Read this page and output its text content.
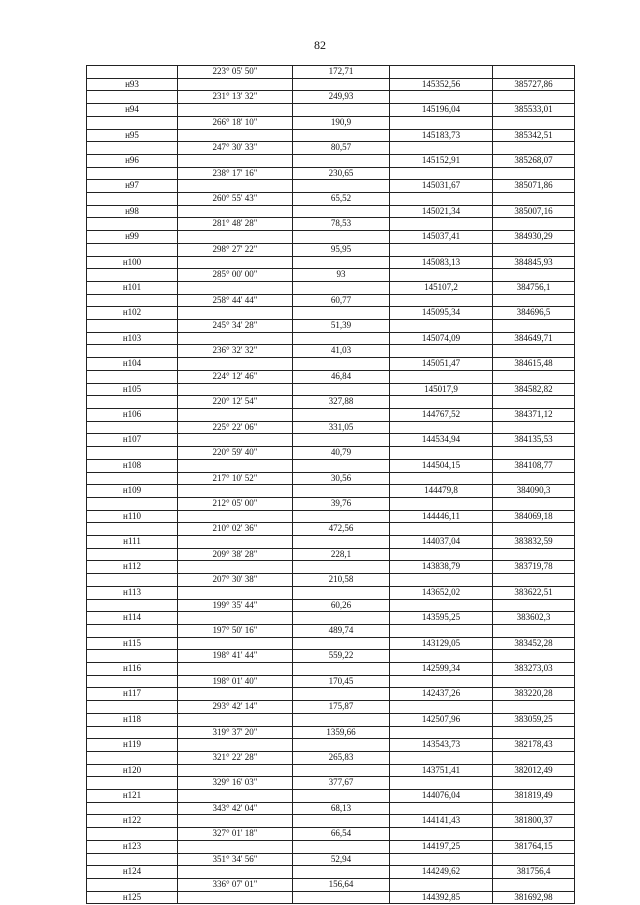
82
	223° 05' 50"	172,71		
н93			145352,56	385727,86
	231° 13' 32"	249,93		
н94			145196,04	385533,01
	266° 18' 10"	190,9		
н95			145183,73	385342,51
	247° 30' 33"	80,57		
н96			145152,91	385268,07
	238° 17' 16"	230,65		
н97			145031,67	385071,86
	260° 55' 43"	65,52		
н98			145021,34	385007,16
	281° 48' 28"	78,53		
н99			145037,41	384930,29
	298° 27' 22"	95,95		
н100			145083,13	384845,93
	285° 00' 00"	93		
н101			145107,2	384756,1
	258° 44' 44"	60,77		
н102			145095,34	384696,5
	245° 34' 28"	51,39		
н103			145074,09	384649,71
	236° 32' 32"	41,03		
н104			145051,47	384615,48
	224° 12' 46"	46,84		
н105			145017,9	384582,82
	220° 12' 54"	327,88		
н106			144767,52	384371,12
	225° 22' 06"	331,05		
н107			144534,94	384135,53
	220° 59' 40"	40,79		
н108			144504,15	384108,77
	217° 10' 52"	30,56		
н109			144479,8	384090,3
	212° 05' 00"	39,76		
н110			144446,11	384069,18
	210° 02' 36"	472,56		
н111			144037,04	383832,59
	209° 38' 28"	228,1		
н112			143838,79	383719,78
	207° 30' 38"	210,58		
н113			143652,02	383622,51
	199° 35' 44"	60,26		
н114			143595,25	383602,3
	197° 50' 16"	489,74		
н115			143129,05	383452,28
	198° 41' 44"	559,22		
н116			142599,34	383273,03
	198° 01' 40"	170,45		
н117			142437,26	383220,28
	293° 42' 14"	175,87		
н118			142507,96	383059,25
	319° 37' 20"	1359,66		
н119			143543,73	382178,43
	321° 22' 28"	265,83		
н120			143751,41	382012,49
	329° 16' 03"	377,67		
н121			144076,04	381819,49
	343° 42' 04"	68,13		
н122			144141,43	381800,37
	327° 01' 18"	66,54		
н123			144197,25	381764,15
	351° 34' 56"	52,94		
н124			144249,62	381756,4
	336° 07' 01"	156,64		
н125			144392,85	381692,98
